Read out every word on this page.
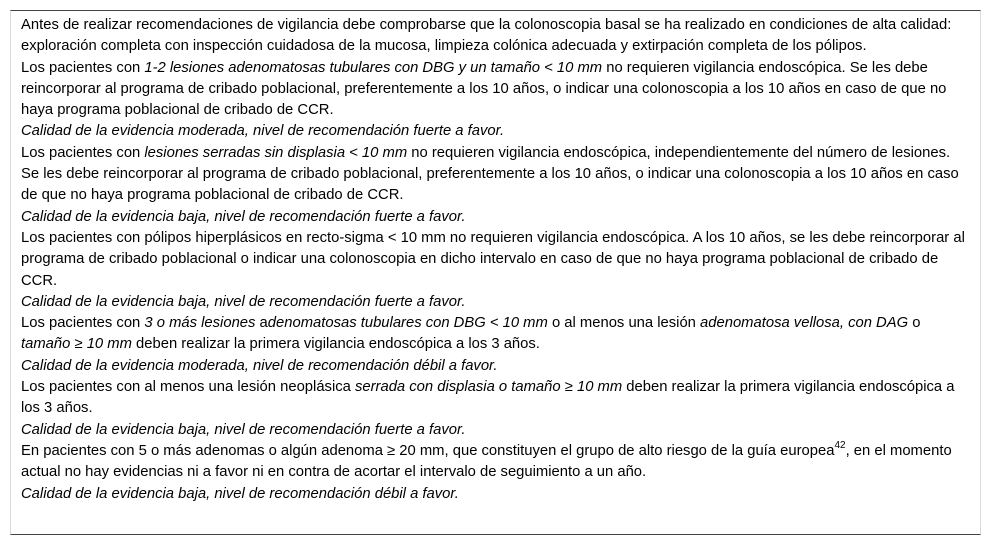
Antes de realizar recomendaciones de vigilancia debe comprobarse que la colonoscopia basal se ha realizado en condiciones de alta calidad: exploración completa con inspección cuidadosa de la mucosa, limpieza colónica adecuada y extirpación completa de los pólipos.
Los pacientes con 1-2 lesiones adenomatosas tubulares con DBG y un tamaño < 10 mm no requieren vigilancia endoscópica. Se les debe reincorporar al programa de cribado poblacional, preferentemente a los 10 años, o indicar una colonoscopia a los 10 años en caso de que no haya programa poblacional de cribado de CCR.
Calidad de la evidencia moderada, nivel de recomendación fuerte a favor.
Los pacientes con lesiones serradas sin displasia < 10 mm no requieren vigilancia endoscópica, independientemente del número de lesiones. Se les debe reincorporar al programa de cribado poblacional, preferentemente a los 10 años, o indicar una colonoscopia a los 10 años en caso de que no haya programa poblacional de cribado de CCR.
Calidad de la evidencia baja, nivel de recomendación fuerte a favor.
Los pacientes con pólipos hiperplásicos en recto-sigma < 10 mm no requieren vigilancia endoscópica. A los 10 años, se les debe reincorporar al programa de cribado poblacional o indicar una colonoscopia en dicho intervalo en caso de que no haya programa poblacional de cribado de CCR.
Calidad de la evidencia baja, nivel de recomendación fuerte a favor.
Los pacientes con 3 o más lesiones adenomatosas tubulares con DBG < 10 mm o al menos una lesión adenomatosa vellosa, con DAG o tamaño ≥ 10 mm deben realizar la primera vigilancia endoscópica a los 3 años.
Calidad de la evidencia moderada, nivel de recomendación débil a favor.
Los pacientes con al menos una lesión neoplásica serrada con displasia o tamaño ≥ 10 mm deben realizar la primera vigilancia endoscópica a los 3 años.
Calidad de la evidencia baja, nivel de recomendación fuerte a favor.
En pacientes con 5 o más adenomas o algún adenoma ≥ 20 mm, que constituyen el grupo de alto riesgo de la guía europea$^{42}$, en el momento actual no hay evidencias ni a favor ni en contra de acortar el intervalo de seguimiento a un año.
Calidad de la evidencia baja, nivel de recomendación débil a favor.
